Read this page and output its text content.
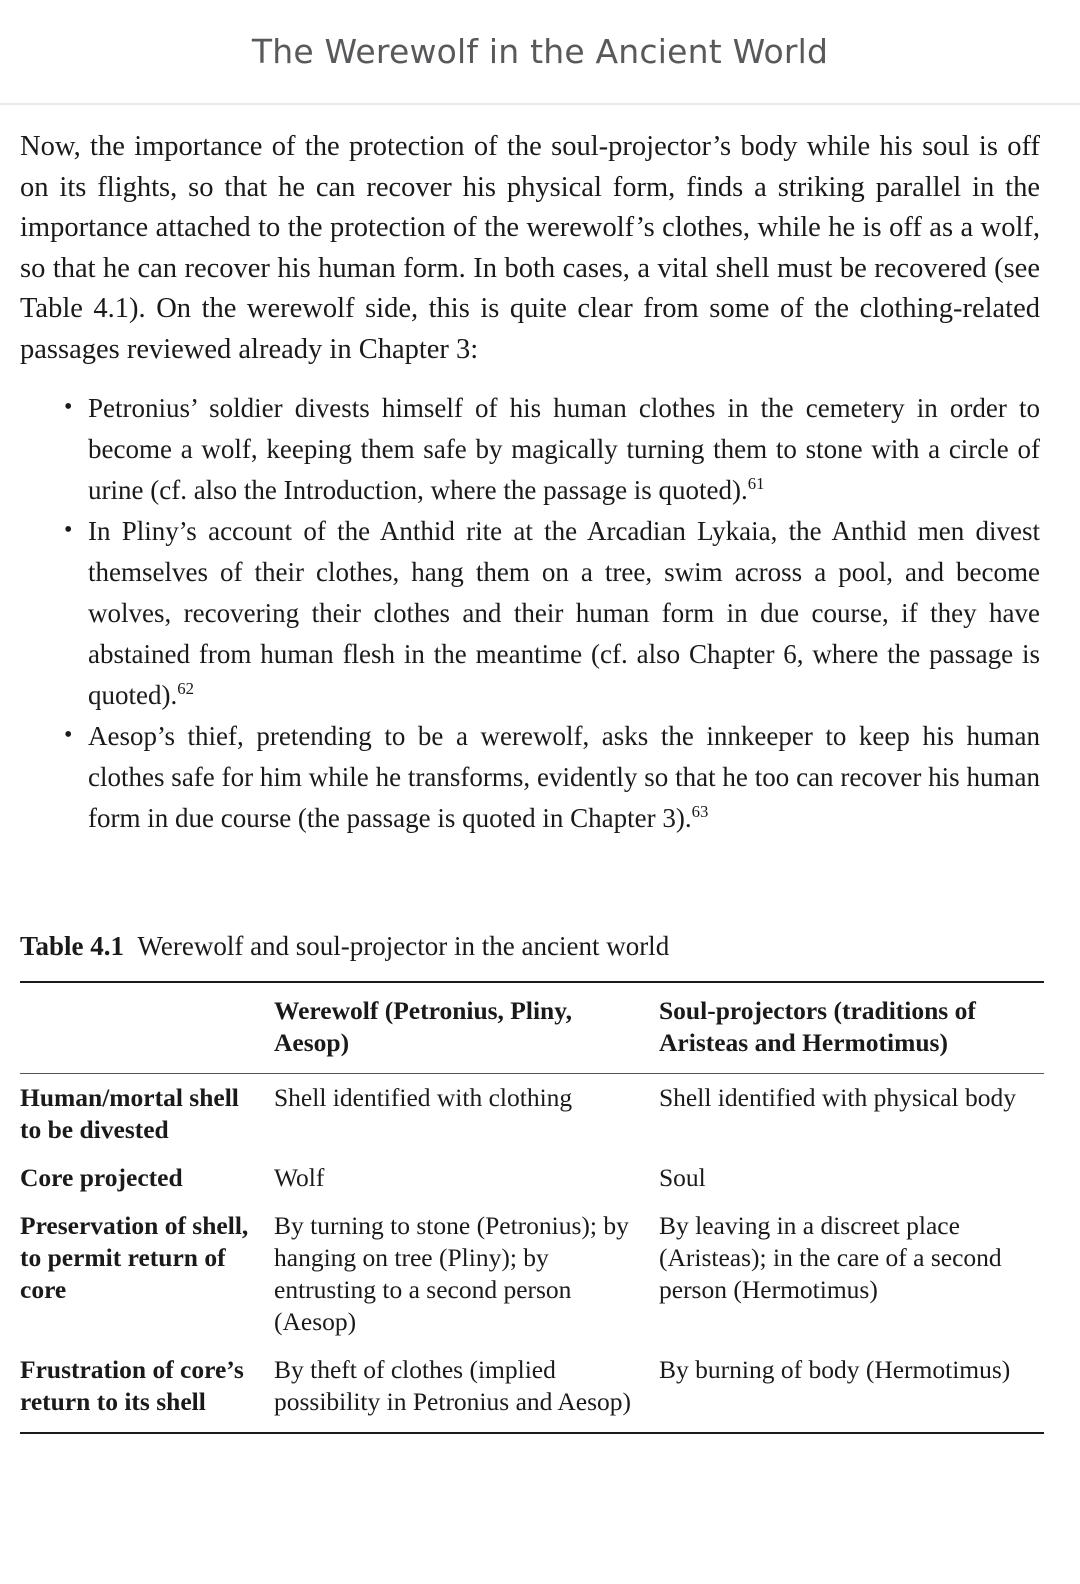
The Werewolf in the Ancient World

Now, the importance of the protection of the soul-projector’s body while his soul is off on its flights, so that he can recover his physical form, finds a striking parallel in the importance attached to the protection of the werewolf’s clothes, while he is off as a wolf, so that he can recover his human form. In both cases, a vital shell must be recovered (see Table 4.1). On the werewolf side, this is quite clear from some of the clothing-related passages reviewed already in Chapter 3:

• Petronius’ soldier divests himself of his human clothes in the cemetery in order to become a wolf, keeping them safe by magically turning them to stone with a circle of urine (cf. also the Introduction, where the passage is quoted).$^{61}$
• In Pliny’s account of the Anthid rite at the Arcadian Lykaia, the Anthid men divest themselves of their clothes, hang them on a tree, swim across a pool, and become wolves, recovering their clothes and their human form in due course, if they have abstained from human flesh in the meantime (cf. also Chapter 6, where the passage is quoted).$^{62}$
• Aesop’s thief, pretending to be a werewolf, asks the innkeeper to keep his human clothes safe for him while he transforms, evidently so that he too can recover his human form in due course (the passage is quoted in Chapter 3).$^{63}$
Table 4.1 Werewolf and soul-projector in the ancient world
	Werewolf (Petronius, Pliny, Aesop)	Soul-projectors (traditions of Aristeas and Hermotimus)
Human/mortal shell to be divested	Shell identified with clothing	Shell identified with physical body
Core projected	Wolf	Soul
Preservation of shell, to permit return of core	By turning to stone (Petronius); by hanging on tree (Pliny); by entrusting to a second person (Aesop)	By leaving in a discreet place (Aristeas); in the care of a second person (Hermotimus)
Frustration of core’s return to its shell	By theft of clothes (implied possibility in Petronius and Aesop)	By burning of body (Hermotimus)
